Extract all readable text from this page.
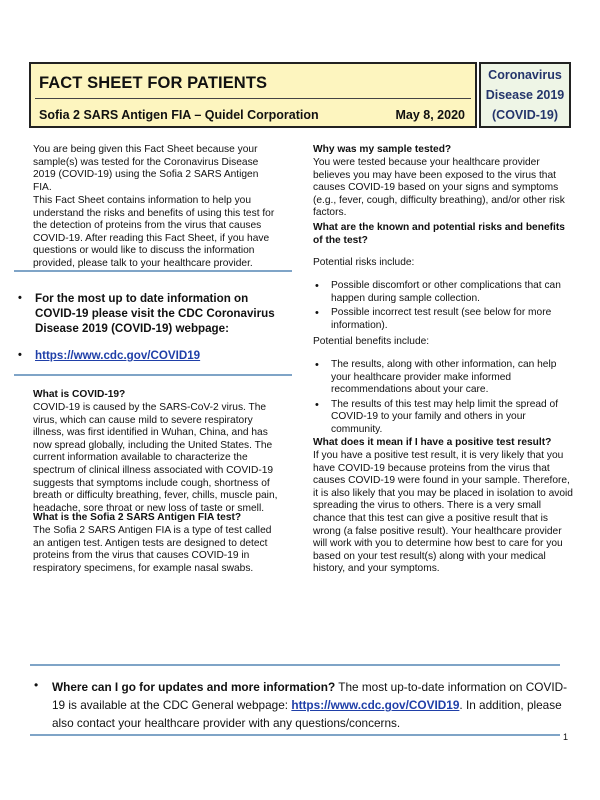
FACT SHEET FOR PATIENTS
Sofia 2 SARS Antigen FIA – Quidel Corporation	May 8, 2020
Coronavirus
Disease 2019
(COVID-19)

You are being given this Fact Sheet because your sample(s) was tested for the Coronavirus Disease 2019 (COVID-19) using the Sofia 2 SARS Antigen FIA.

This Fact Sheet contains information to help you understand the risks and benefits of using this test for the detection of proteins from the virus that causes COVID-19. After reading this Fact Sheet, if you have questions or would like to discuss the information provided, please talk to your healthcare provider.

• For the most up to date information on COVID-19 please visit the CDC Coronavirus Disease 2019 (COVID-19) webpage:
• https://www.cdc.gov/COVID19

What is COVID-19?

COVID-19 is caused by the SARS-CoV-2 virus. The virus, which can cause mild to severe respiratory illness, was first identified in Wuhan, China, and has now spread globally, including the United States. The current information available to characterize the spectrum of clinical illness associated with COVID-19 suggests that symptoms include cough, shortness of breath or difficulty breathing, fever, chills, muscle pain, headache, sore throat or new loss of taste or smell.

What is the Sofia 2 SARS Antigen FIA test?

The Sofia 2 SARS Antigen FIA is a type of test called an antigen test. Antigen tests are designed to detect proteins from the virus that causes COVID-19 in respiratory specimens, for example nasal swabs.

Why was my sample tested?

You were tested because your healthcare provider believes you may have been exposed to the virus that causes COVID-19 based on your signs and symptoms (e.g., fever, cough, difficulty breathing), and/or other risk factors.

What are the known and potential risks and benefits of the test?

Potential risks include:

• Possible discomfort or other complications that can happen during sample collection.
• Possible incorrect test result (see below for more information).

Potential benefits include:

• The results, along with other information, can help your healthcare provider make informed recommendations about your care.
• The results of this test may help limit the spread of COVID-19 to your family and others in your community.

What does it mean if I have a positive test result?

If you have a positive test result, it is very likely that you have COVID-19 because proteins from the virus that causes COVID-19 were found in your sample. Therefore, it is also likely that you may be placed in isolation to avoid spreading the virus to others. There is a very small chance that this test can give a positive result that is wrong (a false positive result). Your healthcare provider will work with you to determine how best to care for you based on your test result(s) along with your medical history, and your symptoms.

• Where can I go for updates and more information? The most up-to-date information on COVID-19 is available at the CDC General webpage: https://www.cdc.gov/COVID19. In addition, please also contact your healthcare provider with any questions/concerns.
1
